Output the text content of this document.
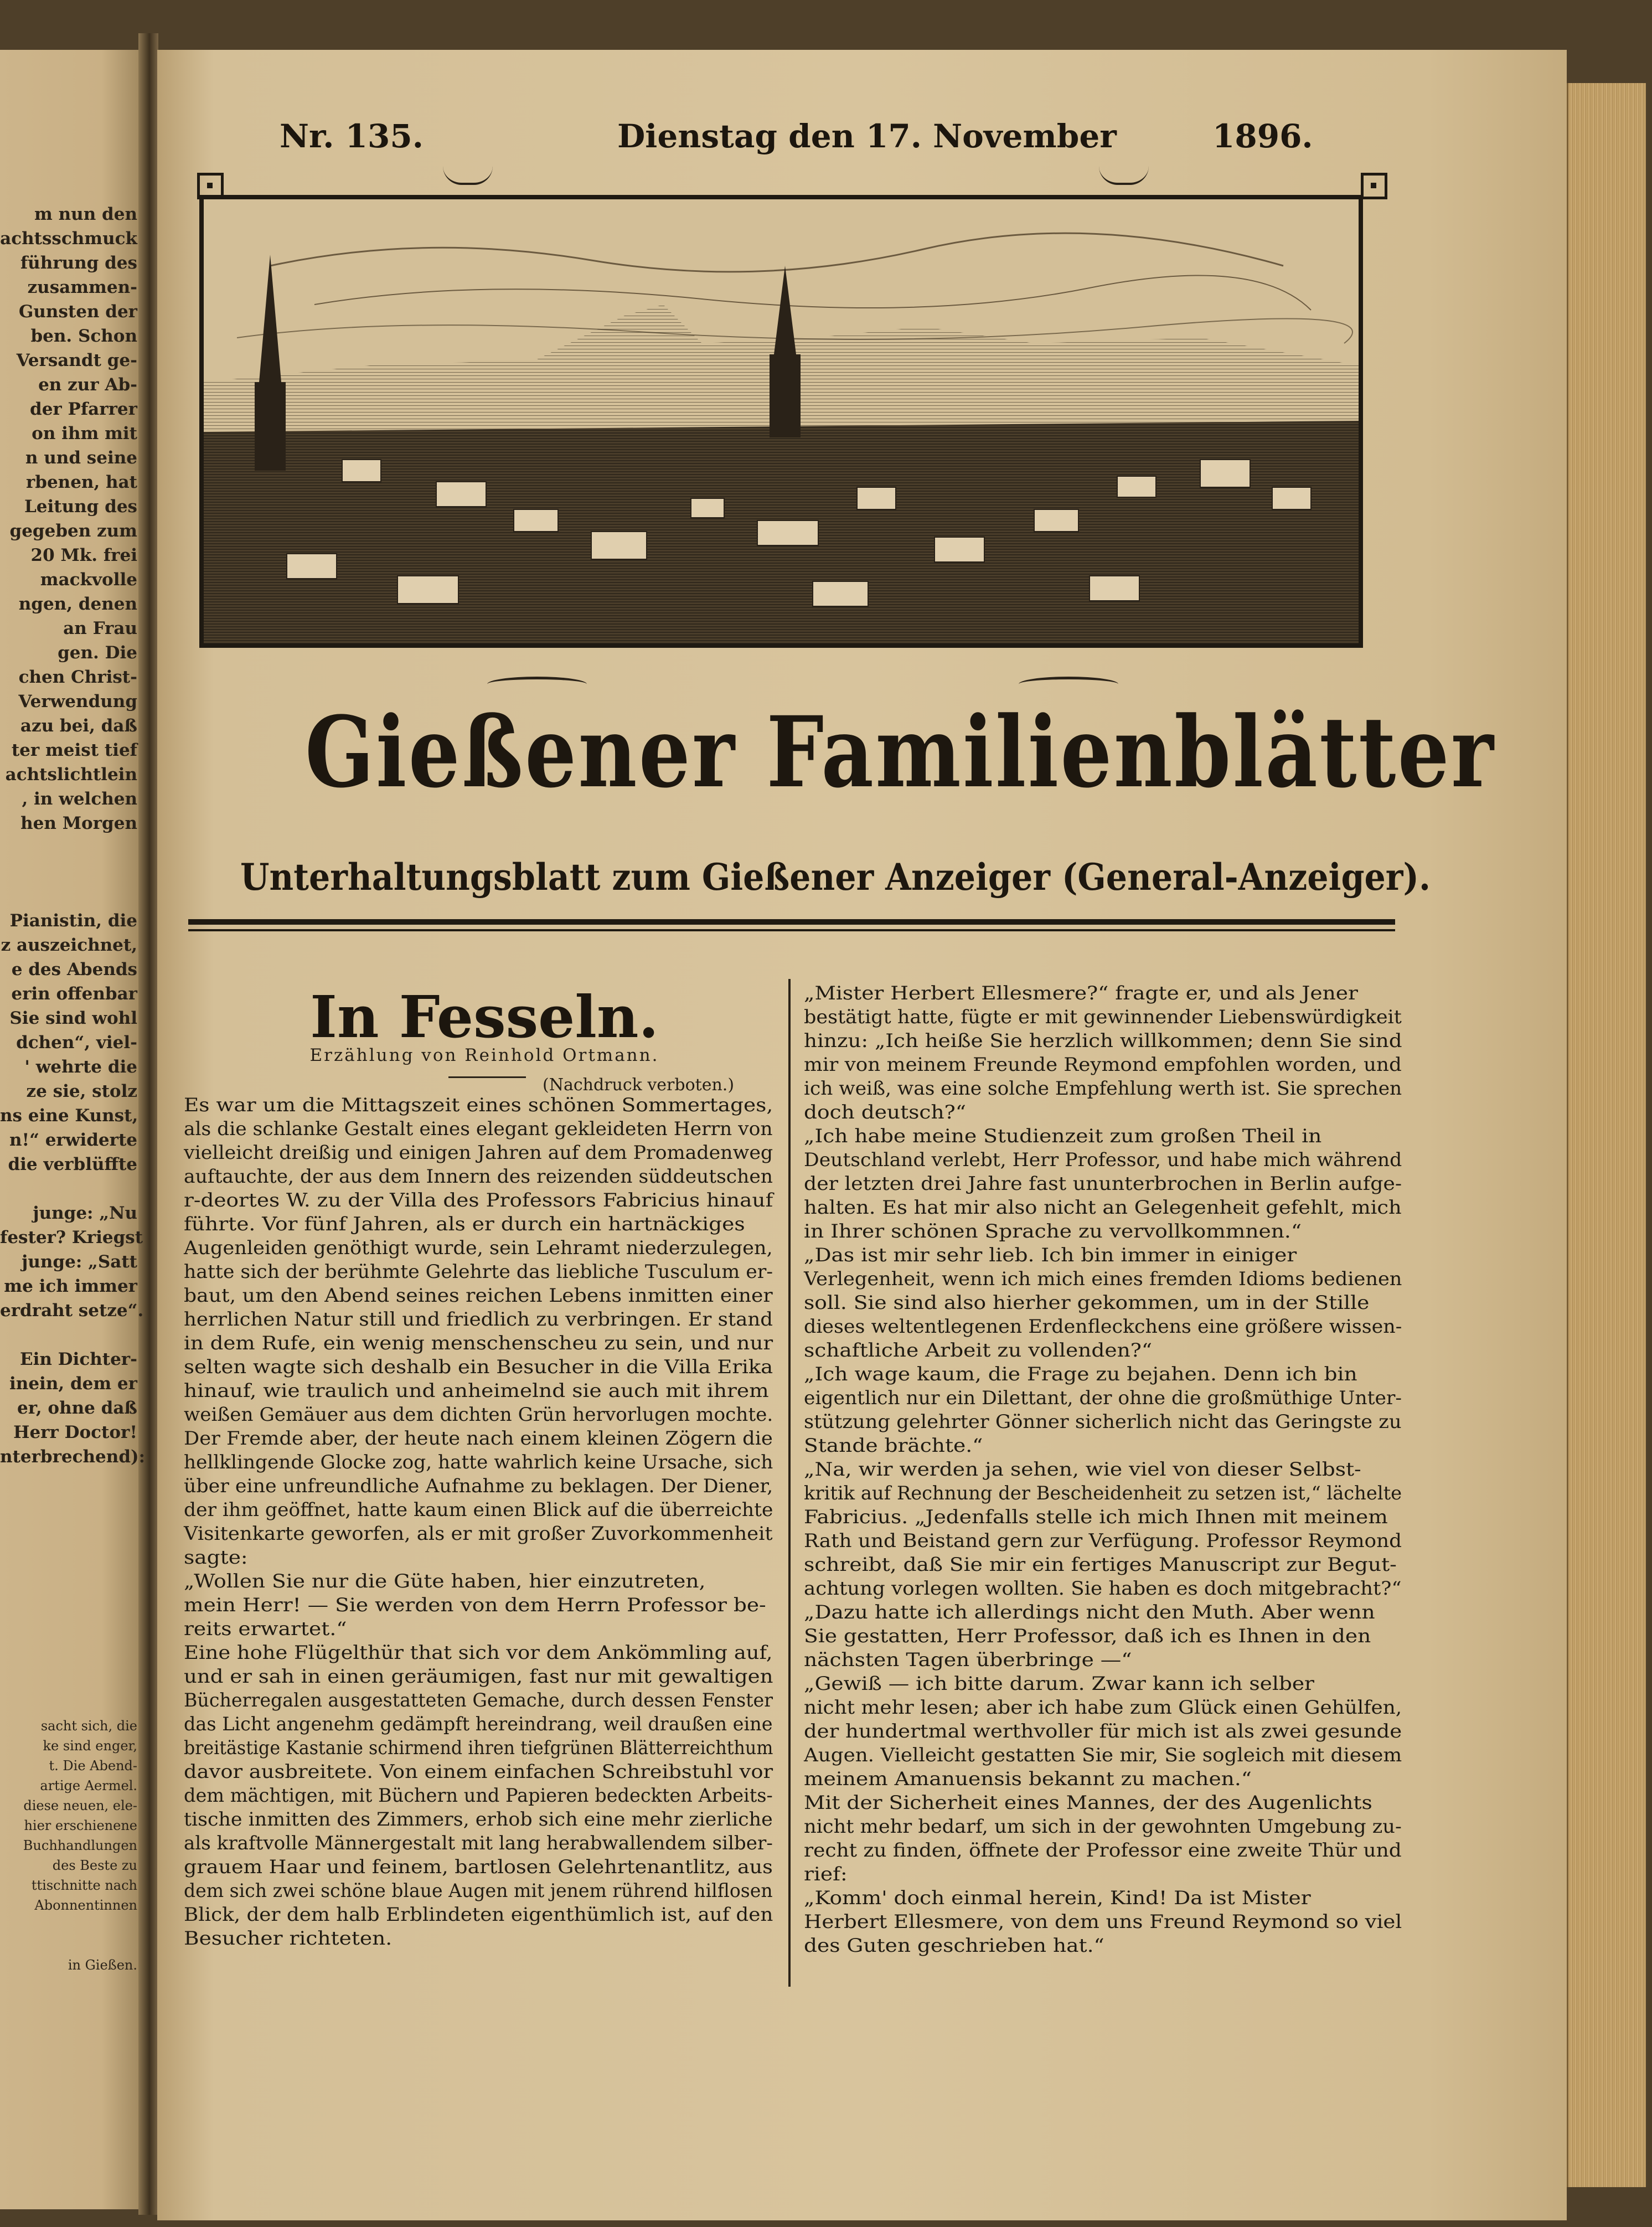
m nun den
achtsschmuck
führung des
zusammen-
Gunsten der
ben. Schon
Versandt ge-
en zur Ab-
der Pfarrer
on ihm mit
n und seine
rbenen, hat
Leitung des
gegeben zum
20 Mk. frei
mackvolle
ngen, denen
an Frau
gen. Die
chen Christ-
Verwendung
azu bei, daß
ter meist tief
achtslichtlein
, in welchen
hen Morgen
Pianistin, die
z auszeichnet,
e des Abends
erin offenbar
Sie sind wohl
dchen“, viel-
' wehrte die
ze sie, stolz
ns eine Kunst,
n!“ erwiderte
die verblüffte
junge: „Nu
fester? Kriegst
junge: „Satt
me ich immer
erdraht setze“.
Ein Dichter-
inein, dem er
er, ohne daß
Herr Doctor!
nterbrechend):
sacht sich, die
ke sind enger,
t. Die Abend-
artige Aermel.
diese neuen, ele-
hier erschienene
Buchhandlungen
des Beste zu
ttischnitte nach
Abonnentinnen
in Gießen.
Nr. 135.	Dienstag den 17. November	1896.
Gießener Familienblätter
Unterhaltungsblatt zum Gießener Anzeiger (General-Anzeiger).
In Fesseln.
Erzählung von Reinhold Ortmann.
(Nachdruck verboten.)
Es war um die Mittagszeit eines schönen Sommertages,
als die schlanke Gestalt eines elegant gekleideten Herrn von
vielleicht dreißig und einigen Jahren auf dem Promadenweg
auftauchte, der aus dem Innern des reizenden süddeutschen
r-deortes W. zu der Villa des Professors Fabricius hinauf
führte. Vor fünf Jahren, als er durch ein hartnäckiges
Augenleiden genöthigt wurde, sein Lehramt niederzulegen,
hatte sich der berühmte Gelehrte das liebliche Tusculum er-
baut, um den Abend seines reichen Lebens inmitten einer
herrlichen Natur still und friedlich zu verbringen. Er stand
in dem Rufe, ein wenig menschenscheu zu sein, und nur
selten wagte sich deshalb ein Besucher in die Villa Erika
hinauf, wie traulich und anheimelnd sie auch mit ihrem
weißen Gemäuer aus dem dichten Grün hervorlugen mochte.
Der Fremde aber, der heute nach einem kleinen Zögern die
hellklingende Glocke zog, hatte wahrlich keine Ursache, sich
über eine unfreundliche Aufnahme zu beklagen. Der Diener,
der ihm geöffnet, hatte kaum einen Blick auf die überreichte
Visitenkarte geworfen, als er mit großer Zuvorkommenheit
sagte:
„Wollen Sie nur die Güte haben, hier einzutreten,
mein Herr! — Sie werden von dem Herrn Professor be-
reits erwartet.“
Eine hohe Flügelthür that sich vor dem Ankömmling auf,
und er sah in einen geräumigen, fast nur mit gewaltigen
Bücherregalen ausgestatteten Gemache, durch dessen Fenster
das Licht angenehm gedämpft hereindrang, weil draußen eine
breitästige Kastanie schirmend ihren tiefgrünen Blätterreichthum
davor ausbreitete. Von einem einfachen Schreibstuhl vor
dem mächtigen, mit Büchern und Papieren bedeckten Arbeits-
tische inmitten des Zimmers, erhob sich eine mehr zierliche
als kraftvolle Männergestalt mit lang herabwallendem silber-
grauem Haar und feinem, bartlosen Gelehrtenantlitz, aus
dem sich zwei schöne blaue Augen mit jenem rührend hilflosen
Blick, der dem halb Erblindeten eigenthümlich ist, auf den
Besucher richteten.
„Mister Herbert Ellesmere?“ fragte er, und als Jener
bestätigt hatte, fügte er mit gewinnender Liebenswürdigkeit
hinzu: „Ich heiße Sie herzlich willkommen; denn Sie sind
mir von meinem Freunde Reymond empfohlen worden, und
ich weiß, was eine solche Empfehlung werth ist. Sie sprechen
doch deutsch?“
„Ich habe meine Studienzeit zum großen Theil in
Deutschland verlebt, Herr Professor, und habe mich während
der letzten drei Jahre fast ununterbrochen in Berlin aufge-
halten. Es hat mir also nicht an Gelegenheit gefehlt, mich
in Ihrer schönen Sprache zu vervollkommnen.“
„Das ist mir sehr lieb. Ich bin immer in einiger
Verlegenheit, wenn ich mich eines fremden Idioms bedienen
soll. Sie sind also hierher gekommen, um in der Stille
dieses weltentlegenen Erdenfleckchens eine größere wissen-
schaftliche Arbeit zu vollenden?“
„Ich wage kaum, die Frage zu bejahen. Denn ich bin
eigentlich nur ein Dilettant, der ohne die großmüthige Unter-
stützung gelehrter Gönner sicherlich nicht das Geringste zu
Stande brächte.“
„Na, wir werden ja sehen, wie viel von dieser Selbst-
kritik auf Rechnung der Bescheidenheit zu setzen ist,“ lächelte
Fabricius. „Jedenfalls stelle ich mich Ihnen mit meinem
Rath und Beistand gern zur Verfügung. Professor Reymond
schreibt, daß Sie mir ein fertiges Manuscript zur Begut-
achtung vorlegen wollten. Sie haben es doch mitgebracht?“
„Dazu hatte ich allerdings nicht den Muth. Aber wenn
Sie gestatten, Herr Professor, daß ich es Ihnen in den
nächsten Tagen überbringe —“
„Gewiß — ich bitte darum. Zwar kann ich selber
nicht mehr lesen; aber ich habe zum Glück einen Gehülfen,
der hundertmal werthvoller für mich ist als zwei gesunde
Augen. Vielleicht gestatten Sie mir, Sie sogleich mit diesem
meinem Amanuensis bekannt zu machen.“
Mit der Sicherheit eines Mannes, der des Augenlichts
nicht mehr bedarf, um sich in der gewohnten Umgebung zu-
recht zu finden, öffnete der Professor eine zweite Thür und
rief:
„Komm' doch einmal herein, Kind! Da ist Mister
Herbert Ellesmere, von dem uns Freund Reymond so viel
des Guten geschrieben hat.“
